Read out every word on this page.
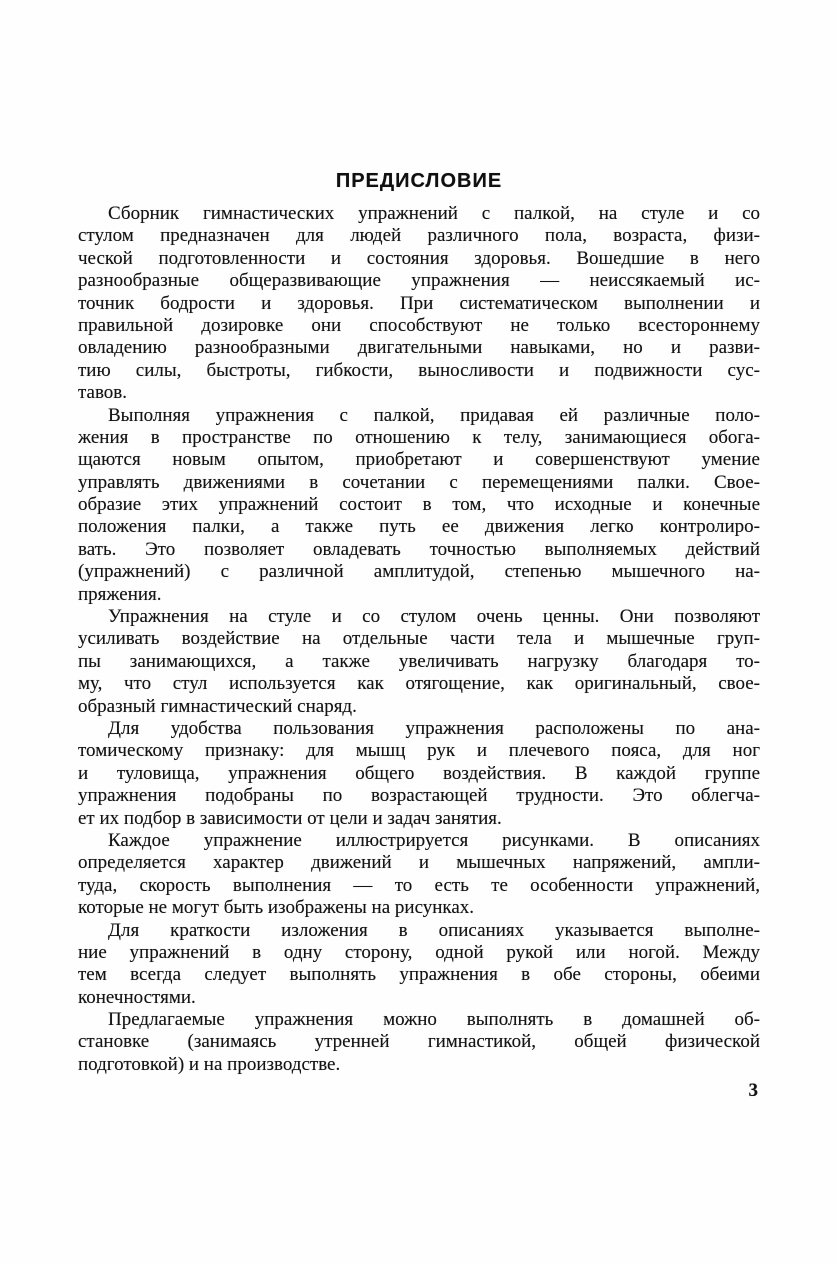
ПРЕДИСЛОВИЕ
Сборник гимнастических упражнений с палкой, на стуле и со
стулом предназначен для людей различного пола, возраста, физи-
ческой подготовленности и состояния здоровья. Вошедшие в него
разнообразные общеразвивающие упражнения — неиссякаемый ис-
точник бодрости и здоровья. При систематическом выполнении и
правильной дозировке они способствуют не только всестороннему
овладению разнообразными двигательными навыками, но и разви-
тию силы, быстроты, гибкости, выносливости и подвижности сус-
тавов.
Выполняя упражнения с палкой, придавая ей различные поло-
жения в пространстве по отношению к телу, занимающиеся обога-
щаются новым опытом, приобретают и совершенствуют умение
управлять движениями в сочетании с перемещениями палки. Свое-
образие этих упражнений состоит в том, что исходные и конечные
положения палки, а также путь ее движения легко контролиро-
вать. Это позволяет овладевать точностью выполняемых действий
(упражнений) с различной амплитудой, степенью мышечного на-
пряжения.
Упражнения на стуле и со стулом очень ценны. Они позволяют
усиливать воздействие на отдельные части тела и мышечные груп-
пы занимающихся, а также увеличивать нагрузку благодаря то-
му, что стул используется как отягощение, как оригинальный, свое-
образный гимнастический снаряд.
Для удобства пользования упражнения расположены по ана-
томическому признаку: для мышц рук и плечевого пояса, для ног
и туловища, упражнения общего воздействия. В каждой группе
упражнения подобраны по возрастающей трудности. Это облегча-
ет их подбор в зависимости от цели и задач занятия.
Каждое упражнение иллюстрируется рисунками. В описаниях
определяется характер движений и мышечных напряжений, ампли-
туда, скорость выполнения — то есть те особенности упражнений,
которые не могут быть изображены на рисунках.
Для краткости изложения в описаниях указывается выполне-
ние упражнений в одну сторону, одной рукой или ногой. Между
тем всегда следует выполнять упражнения в обе стороны, обеими
конечностями.
Предлагаемые упражнения можно выполнять в домашней об-
становке (занимаясь утренней гимнастикой, общей физической
подготовкой) и на производстве.
3
